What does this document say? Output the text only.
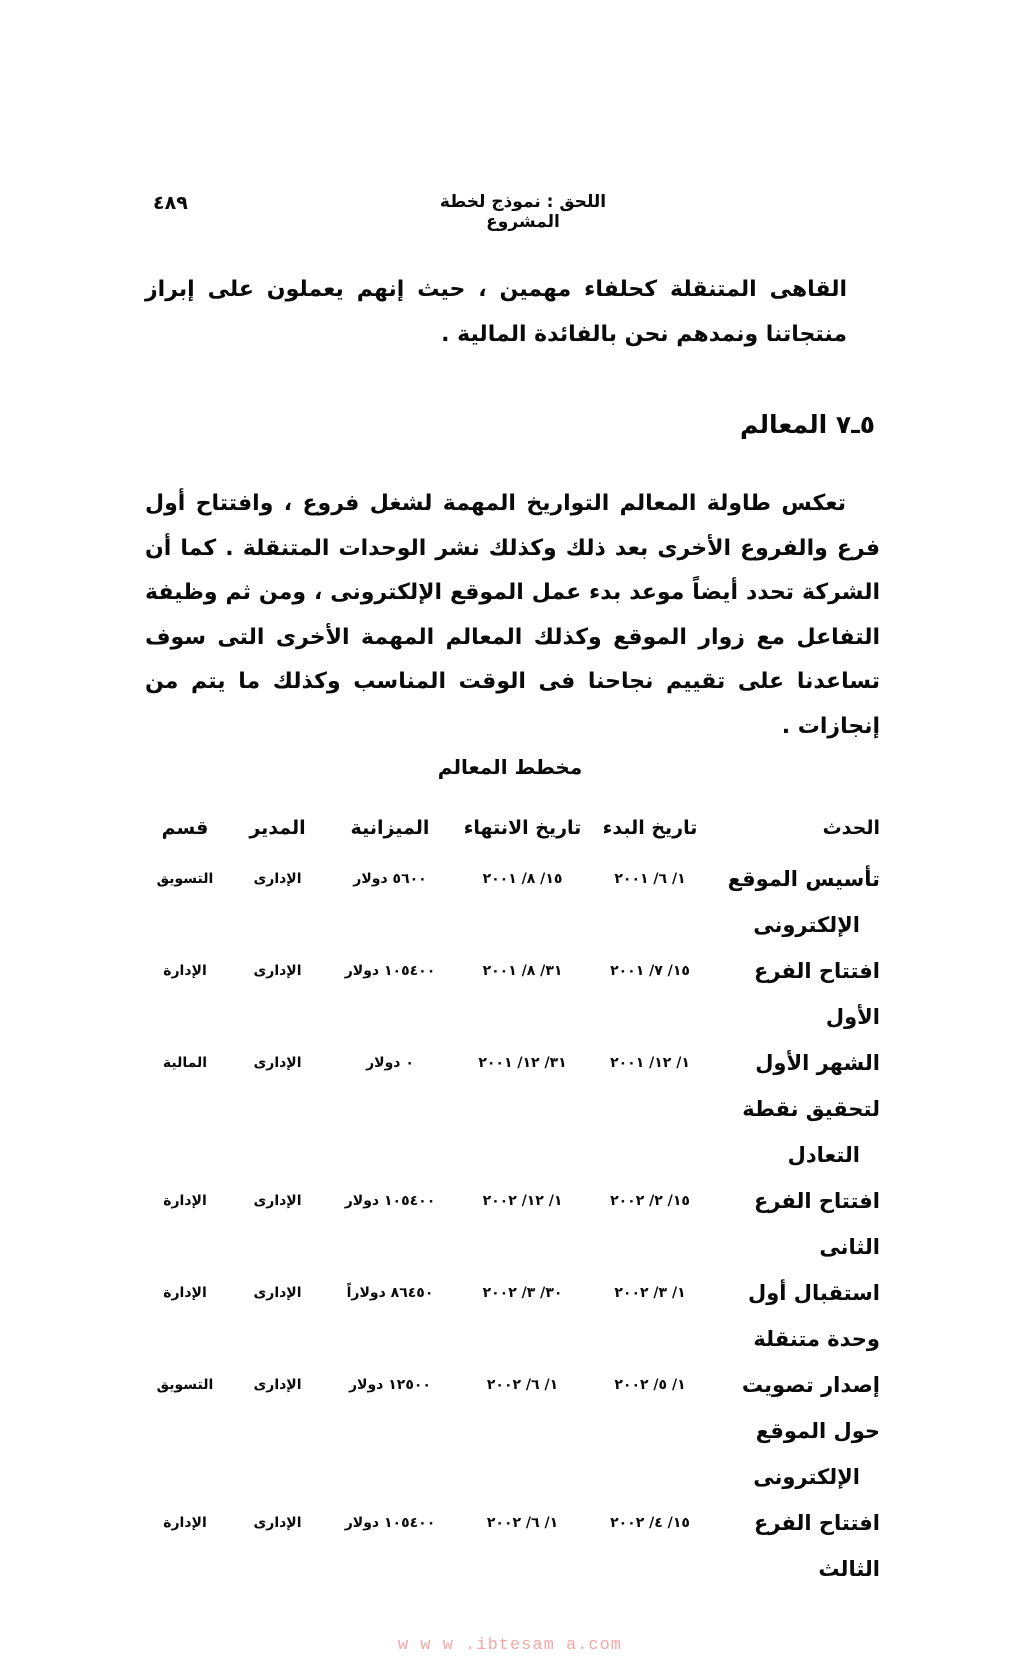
٤٨٩	اللحق : نموذج لخطة المشروع

القاهى المتنقلة كحلفاء مهمين ، حيث إنهم يعملون على إبراز منتجاتنا ونمدهم نحن بالفائدة المالية .

٥ـ٧ المعالم

تعكس طاولة المعالم التواريخ المهمة لشغل فروع ، وافتتاح أول فرع والفروع الأخرى بعد ذلك وكذلك نشر الوحدات المتنقلة . كما أن الشركة تحدد أيضاً موعد بدء عمل الموقع الإلكترونى ، ومن ثم وظيفة التفاعل مع زوار الموقع وكذلك المعالم المهمة الأخرى التى سوف تساعدنا على تقييم نجاحنا فى الوقت المناسب وكذلك ما يتم من إنجازات .

مخطط المعالم
الحدث
تاريخ البدء
تاريخ الانتهاء
الميزانية
المدير
قسم
تأسيس الموقع
الإلكترونى
١/ ٦/ ٢٠٠١
١٥/ ٨/ ٢٠٠١
٥٦٠٠ دولار
الإدارى
التسويق
افتتاح الفرع الأول
١٥/ ٧/ ٢٠٠١
٣١/ ٨/ ٢٠٠١
١٠٥٤٠٠ دولار
الإدارى
الإدارة
الشهر الأول
لتحقيق نقطة
التعادل
١/ ١٢/ ٢٠٠١
٣١/ ١٢/ ٢٠٠١
٠ دولار
الإدارى
المالية
افتتاح الفرع الثانى
١٥/ ٢/ ٢٠٠٢
١/ ١٢/ ٢٠٠٢
١٠٥٤٠٠ دولار
الإدارى
الإدارة
استقبال أول
وحدة متنقلة
١/ ٣/ ٢٠٠٢
٣٠/ ٣/ ٢٠٠٢
٨٦٤٥٠ دولاراً
الإدارى
الإدارة
إصدار تصويت
حول الموقع
الإلكترونى
١/ ٥/ ٢٠٠٢
١/ ٦/ ٢٠٠٢
١٢٥٠٠ دولار
الإدارى
التسويق
افتتاح الفرع الثالث
١٥/ ٤/ ٢٠٠٢
١/ ٦/ ٢٠٠٢
١٠٥٤٠٠ دولار
الإدارى
الإدارة
w w w .ibtesam a.com
